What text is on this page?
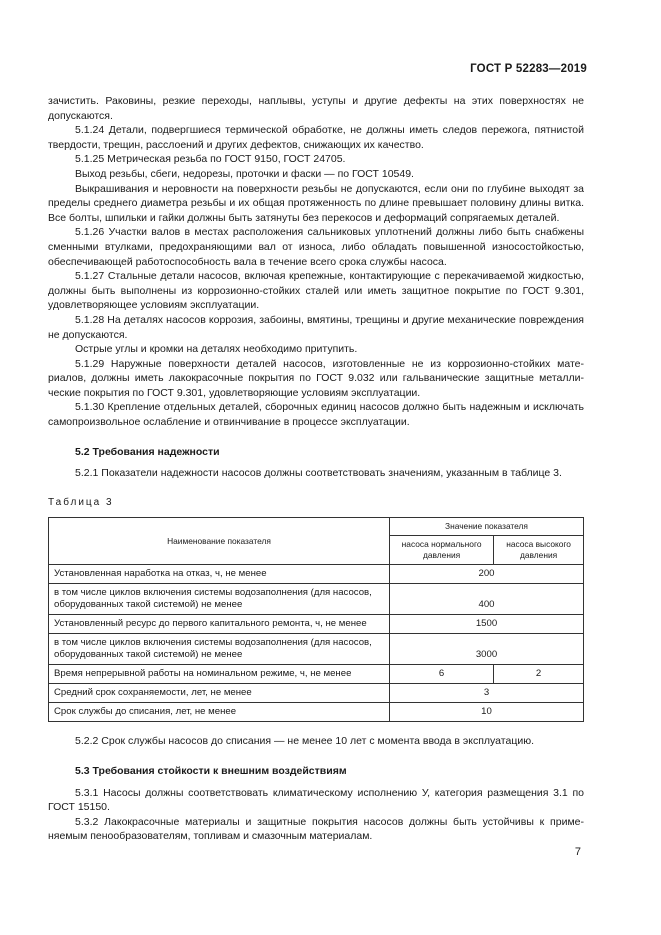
ГОСТ Р 52283—2019

зачистить. Раковины, резкие переходы, наплывы, уступы и другие дефекты на этих поверхностях не допускаются.

5.1.24 Детали, подвергшиеся термической обработке, не должны иметь следов пережога, пятнистой твердости, трещин, расслоений и других дефектов, снижающих их качество.

5.1.25 Метрическая резьба по ГОСТ 9150, ГОСТ 24705.

Выход резьбы, сбеги, недорезы, проточки и фаски — по ГОСТ 10549.

Выкрашивания и неровности на поверхности резьбы не допускаются, если они по глубине выходят за пределы среднего диаметра резьбы и их общая протяженность по длине превышает половину длины витка. Все болты, шпильки и гайки должны быть затянуты без перекосов и деформаций сопрягаемых деталей.

5.1.26 Участки валов в местах расположения сальниковых уплотнений должны либо быть снабжены сменными втулками, предохраняющими вал от износа, либо обладать повышенной износостойкостью, обеспечивающей работоспособность вала в течение всего срока службы насоса.

5.1.27 Стальные детали насосов, включая крепежные, контактирующие с перекачиваемой жидкостью, должны быть выполнены из коррозионно-стойких сталей или иметь защитное покрытие по ГОСТ 9.301, удовлетворяющее условиям эксплуатации.

5.1.28 На деталях насосов коррозия, забоины, вмятины, трещины и другие механические повреждения не допускаются.

Острые углы и кромки на деталях необходимо притупить.

5.1.29 Наружные поверхности деталей насосов, изготовленные не из коррозионно-стойких материалов, должны иметь лакокрасочные покрытия по ГОСТ 9.032 или гальванические защитные металлические покрытия по ГОСТ 9.301, удовлетворяющие условиям эксплуатации.

5.1.30 Крепление отдельных деталей, сборочных единиц насосов должно быть надежным и исключать самопроизвольное ослабление и отвинчивание в процессе эксплуатации.

5.2 Требования надежности

5.2.1 Показатели надежности насосов должны соответствовать значениям, указанным в таблице 3.

Таблица 3
Наименование показателя	Значение показателя	
	насоса нормального давления	насоса высокого давления
Установленная наработка на отказ, ч, не менее	200	
в том числе циклов включения системы водозаполнения (для насосов, оборудованных такой системой) не менее	400	
Установленный ресурс до первого капитального ремонта, ч, не менее	1500	
в том числе циклов включения системы водозаполнения (для насосов, оборудованных такой системой) не менее	3000	
Время непрерывной работы на номинальном режиме, ч, не менее	6	2
Средний срок сохраняемости, лет, не менее	3	
Срок службы до списания, лет, не менее	10	

5.2.2 Срок службы насосов до списания — не менее 10 лет с момента ввода в эксплуатацию.

5.3 Требования стойкости к внешним воздействиям

5.3.1 Насосы должны соответствовать климатическому исполнению У, категория размещения 3.1 по ГОСТ 15150.

5.3.2 Лакокрасочные материалы и защитные покрытия насосов должны быть устойчивы к применяемым пенообразователям, топливам и смазочным материалам.

7
